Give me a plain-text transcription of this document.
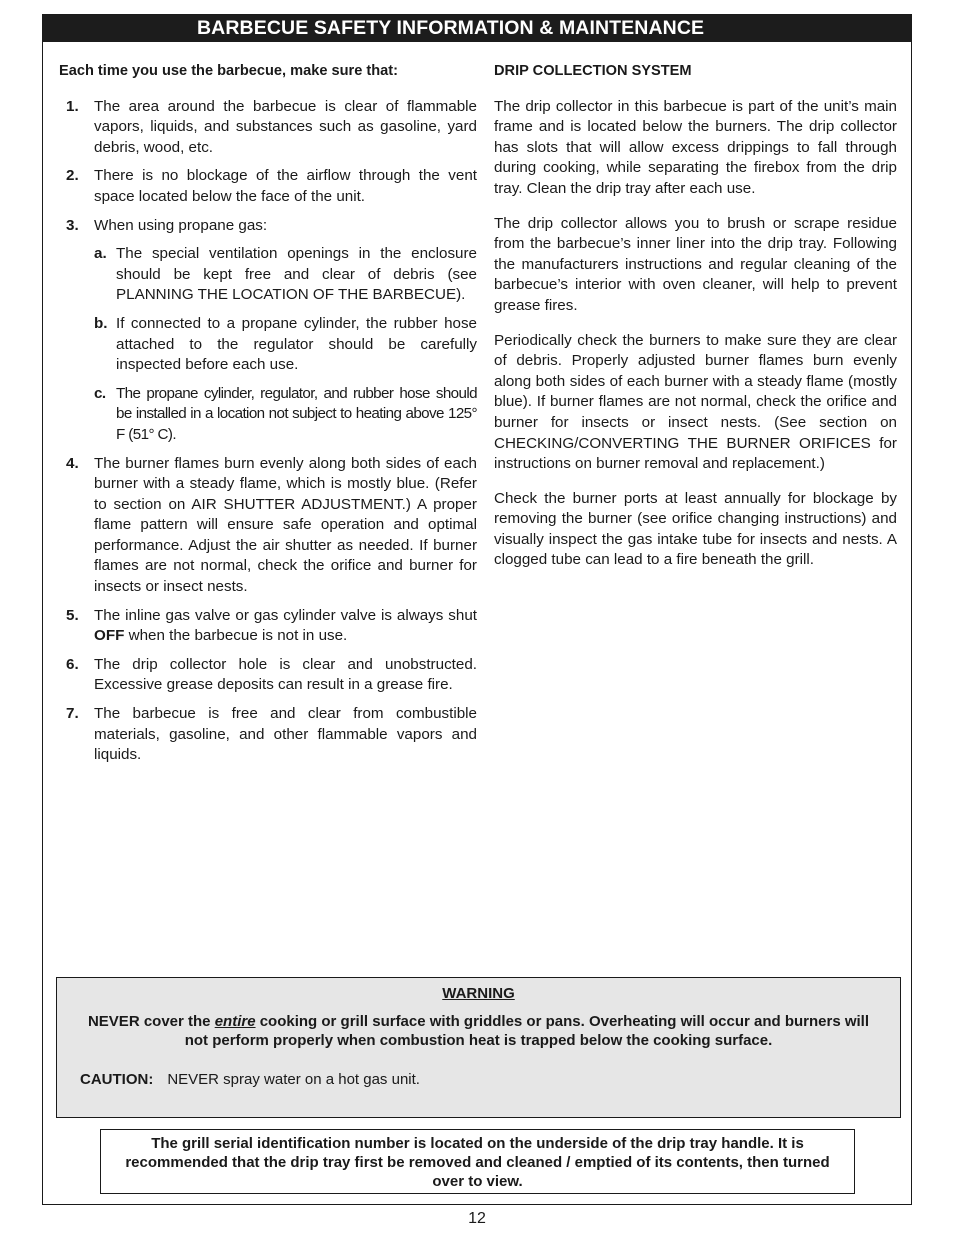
BARBECUE SAFETY INFORMATION & MAINTENANCE

Each time you use the barbecue, make sure that:

1. The area around the barbecue is clear of flammable vapors, liquids, and substances such as gasoline, yard debris, wood, etc.
2. There is no blockage of the airflow through the vent space located below the face of the unit.
3. When using propane gas:
a. The special ventilation openings in the enclosure should be kept free and clear of debris (see PLANNING THE LOCATION OF THE BARBECUE).
b. If connected to a propane cylinder, the rubber hose attached to the regulator should be carefully inspected before each use.
c. The propane cylinder, regulator, and rubber hose should be installed in a location not subject to heating above 125° F (51° C).
4. The burner flames burn evenly along both sides of each burner with a steady flame, which is mostly blue. (Refer to section on AIR SHUTTER ADJUSTMENT.) A proper flame pattern will ensure safe operation and optimal performance. Adjust the air shutter as needed. If burner flames are not normal, check the orifice and burner for insects or insect nests.
5. The inline gas valve or gas cylinder valve is always shut OFF when the barbecue is not in use.
6. The drip collector hole is clear and unobstructed. Excessive grease deposits can result in a grease fire.
7. The barbecue is free and clear from combustible materials, gasoline, and other flammable vapors and liquids.

DRIP COLLECTION SYSTEM

The drip collector in this barbecue is part of the unit’s main frame and is located below the burners. The drip collector has slots that will allow excess drippings to fall through during cooking, while separating the firebox from the drip tray. Clean the drip tray after each use.

The drip collector allows you to brush or scrape residue from the barbecue’s inner liner into the drip tray. Following the manufacturers instructions and regular cleaning of the barbecue’s interior with oven cleaner, will help to prevent grease fires.

Periodically check the burners to make sure they are clear of debris. Properly adjusted burner flames burn evenly along both sides of each burner with a steady flame (mostly blue). If burner flames are not normal, check the orifice and burner for insects or insect nests. (See section on CHECKING/CONVERTING THE BURNER ORIFICES for instructions on burner removal and replacement.)

Check the burner ports at least annually for blockage by removing the burner (see orifice changing instructions) and visually inspect the gas intake tube for insects and nests. A clogged tube can lead to a fire beneath the grill.

WARNING
NEVER cover the entire cooking or grill surface with griddles or pans. Overheating will occur and burners will not perform properly when combustion heat is trapped below the cooking surface.
CAUTION: NEVER spray water on a hot gas unit.
The grill serial identification number is located on the underside of the drip tray handle. It is recommended that the drip tray first be removed and cleaned / emptied of its contents, then turned over to view.
12
